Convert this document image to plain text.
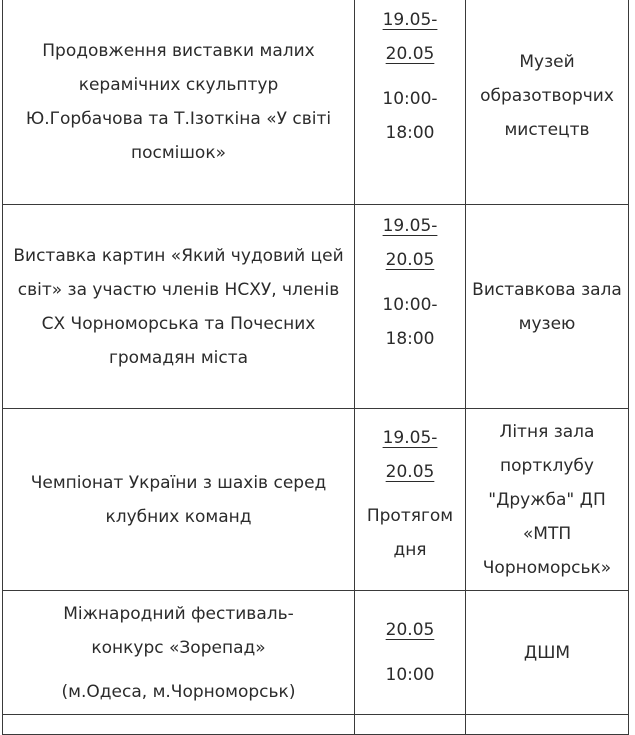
Продовження виставки малих керамічних скульптур Ю.Горбачова та Т.Ізоткіна «У світі посмішок»	19.05-
20.05
10:00-
18:00	Музей образотворчих мистецтв

Виставка картин «Який чудовий цей світ» за участю членів НСХУ, членів СХ Чорноморська та Почесних громадян міста	19.05-
20.05
10:00-
18:00	Виставкова зала музею

Чемпіонат України з шахів серед клубних команд	19.05-
20.05
Протягом
дня	Літня зала портклубу "Дружба" ДП «МТП Чорноморськ»

Міжнародний фестиваль-конкурс «Зорепад»
(м.Одеса, м.Чорноморськ)	20.05
10:00	ДШМ
